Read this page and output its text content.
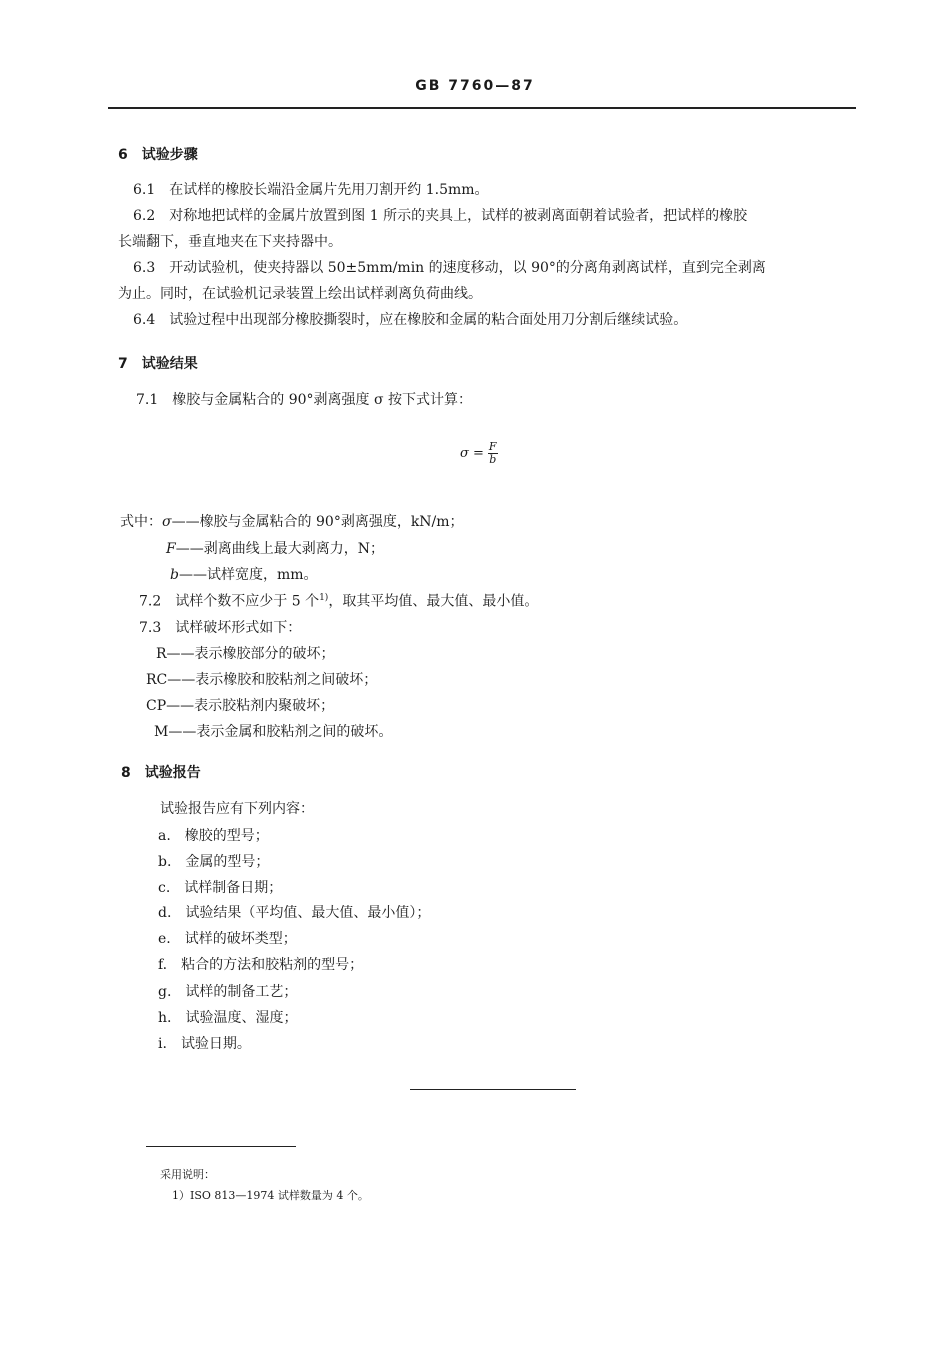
GB 7760—87
6　 试验步骤
6.1　在试样的橡胶长端沿金属片先用刀割开约 1.5mm。
6.2　对称地把试样的金属片放置到图 1 所示的夹具上，试样的被剥离面朝着试验者，把试样的橡胶
长端翻下，垂直地夹在下夹持器中。
6.3　开动试验机，使夹持器以 50±5mm/min 的速度移动，以 90°的分离角剥离试样，直到完全剥离
为止。同时，在试验机记录装置上绘出试样剥离负荷曲线。
6.4　试验过程中出现部分橡胶撕裂时，应在橡胶和金属的粘合面处用刀分割后继续试验。
7　 试验结果
7.1　橡胶与金属粘合的 90°剥离强度 σ 按下式计算：
$\sigma = \frac{F}{b}$
式中：σ——橡胶与金属粘合的 90°剥离强度，kN/m；
F——剥离曲线上最大剥离力，N；
b——试样宽度，mm。
7.2　试样个数不应少于 5 个$^{1)}$，取其平均值、最大值、最小值。
7.3　试样破坏形式如下：
R——表示橡胶部分的破坏；
RC——表示橡胶和胶粘剂之间破坏；
CP——表示胶粘剂内聚破坏；
M——表示金属和胶粘剂之间的破坏。
8　 试验报告
试验报告应有下列内容：
a.　 橡胶的型号；
b.　 金属的型号；
c.　 试样制备日期；
d.　 试验结果（平均值、最大值、最小值）；
e.　 试样的破坏类型；
f.　 粘合的方法和胶粘剂的型号；
g.　 试样的制备工艺；
h.　 试验温度、湿度；
i.　 试验日期。
采用说明：
1）ISO 813—1974 试样数量为 4 个。
